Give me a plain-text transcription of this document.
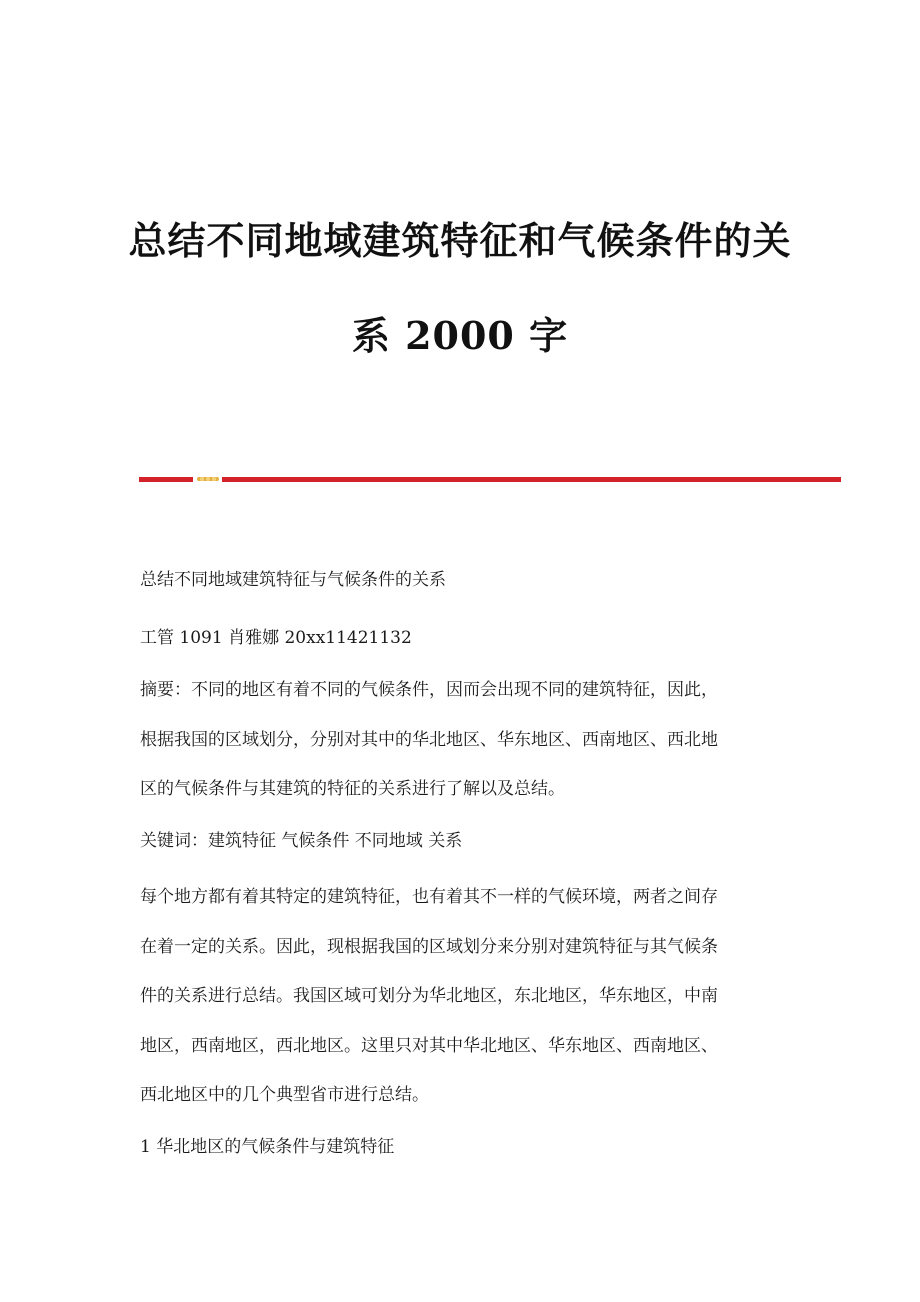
总结不同地域建筑特征和气候条件的关
系 2000 字

总结不同地域建筑特征与气候条件的关系

工管 1091 肖雅娜 20xx11421132

摘要：不同的地区有着不同的气候条件，因而会出现不同的建筑特征，因此，
根据我国的区域划分，分别对其中的华北地区、华东地区、西南地区、西北地
区的气候条件与其建筑的特征的关系进行了解以及总结。

关键词：建筑特征 气候条件 不同地域 关系

每个地方都有着其特定的建筑特征，也有着其不一样的气候环境，两者之间存
在着一定的关系。因此，现根据我国的区域划分来分别对建筑特征与其气候条
件的关系进行总结。我国区域可划分为华北地区，东北地区，华东地区，中南
地区，西南地区，西北地区。这里只对其中华北地区、华东地区、西南地区、
西北地区中的几个典型省市进行总结。

1 华北地区的气候条件与建筑特征
